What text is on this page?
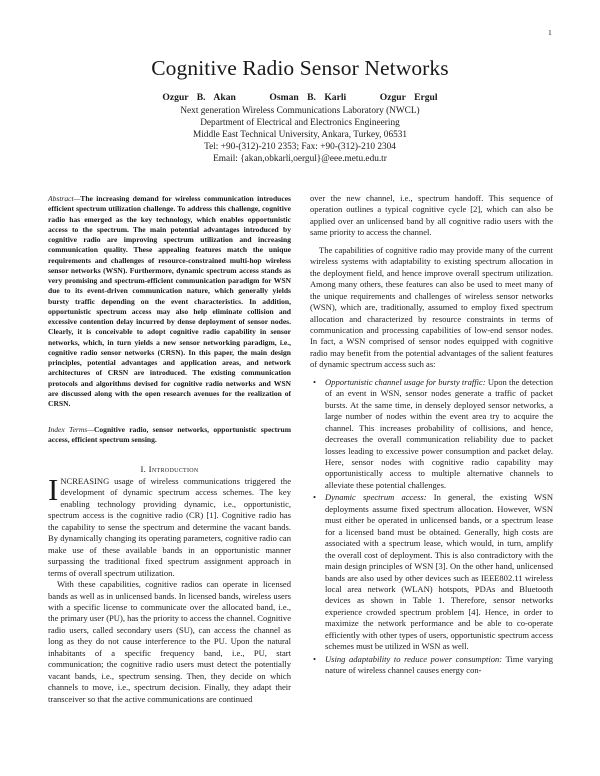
1
Cognitive Radio Sensor Networks
Ozgur B. Akan    Osman B. Karli    Ozgur Ergul
Next generation Wireless Communications Laboratory (NWCL)
Department of Electrical and Electronics Engineering
Middle East Technical University, Ankara, Turkey, 06531
Tel: +90-(312)-210 2353; Fax: +90-(312)-210 2304
Email: {akan,obkarli,oergul}@eee.metu.edu.tr
Abstract—The increasing demand for wireless communication introduces efficient spectrum utilization challenge. To address this challenge, cognitive radio has emerged as the key technology, which enables opportunistic access to the spectrum. The main potential advantages introduced by cognitive radio are improving spectrum utilization and increasing communication quality. These appealing features match the unique requirements and challenges of resource-constrained multi-hop wireless sensor networks (WSN). Furthermore, dynamic spectrum access stands as very promising and spectrum-efficient communication paradigm for WSN due to its event-driven communication nature, which generally yields bursty traffic depending on the event characteristics. In addition, opportunistic spectrum access may also help eliminate collision and excessive contention delay incurred by dense deployment of sensor nodes. Clearly, it is conceivable to adopt cognitive radio capability in sensor networks, which, in turn yields a new sensor networking paradigm, i.e., cognitive radio sensor networks (CRSN). In this paper, the main design principles, potential advantages and application areas, and network architectures of CRSN are introduced. The existing communication protocols and algorithms devised for cognitive radio networks and WSN are discussed along with the open research avenues for the realization of CRSN.
Index Terms—Cognitive radio, sensor networks, opportunistic spectrum access, efficient spectrum sensing.
I. Introduction

INCREASING usage of wireless communications triggered the development of dynamic spectrum access schemes. The key enabling technology providing dynamic, i.e., opportunistic, spectrum access is the cognitive radio (CR) [1]. Cognitive radio has the capability to sense the spectrum and determine the vacant bands. By dynamically changing its operating parameters, cognitive radio can make use of these available bands in an opportunistic manner surpassing the traditional fixed spectrum assignment approach in terms of overall spectrum utilization.

With these capabilities, cognitive radios can operate in licensed bands as well as in unlicensed bands. In licensed bands, wireless users with a specific license to communicate over the allocated band, i.e., the primary user (PU), has the priority to access the channel. Cognitive radio users, called secondary users (SU), can access the channel as long as they do not cause interference to the PU. Upon the natural inhabitants of a specific frequency band, i.e., PU, start communication; the cognitive radio users must detect the potentially vacant bands, i.e., spectrum sensing. Then, they decide on which channels to move, i.e., spectrum decision. Finally, they adapt their transceiver so that the active communications are continued

over the new channel, i.e., spectrum handoff. This sequence of operation outlines a typical cognitive cycle [2], which can also be applied over an unlicensed band by all cognitive radio users with the same priority to access the channel.

The capabilities of cognitive radio may provide many of the current wireless systems with adaptability to existing spectrum allocation in the deployment field, and hence improve overall spectrum utilization. Among many others, these features can also be used to meet many of the unique requirements and challenges of wireless sensor networks (WSN), which are, traditionally, assumed to employ fixed spectrum allocation and characterized by resource constraints in terms of communication and processing capabilities of low-end sensor nodes. In fact, a WSN comprised of sensor nodes equipped with cognitive radio may benefit from the potential advantages of the salient features of dynamic spectrum access such as:

• Opportunistic channel usage for bursty traffic: Upon the detection of an event in WSN, sensor nodes generate a traffic of packet bursts. At the same time, in densely deployed sensor networks, a large number of nodes within the event area try to acquire the channel. This increases probability of collisions, and hence, decreases the overall communication reliability due to packet losses leading to excessive power consumption and packet delay. Here, sensor nodes with cognitive radio capability may opportunistically access to multiple alternative channels to alleviate these potential challenges.
• Dynamic spectrum access: In general, the existing WSN deployments assume fixed spectrum allocation. However, WSN must either be operated in unlicensed bands, or a spectrum lease for a licensed band must be obtained. Generally, high costs are associated with a spectrum lease, which would, in turn, amplify the overall cost of deployment. This is also contradictory with the main design principles of WSN [3]. On the other hand, unlicensed bands are also used by other devices such as IEEE802.11 wireless local area network (WLAN) hotspots, PDAs and Bluetooth devices as shown in Table 1. Therefore, sensor networks experience crowded spectrum problem [4]. Hence, in order to maximize the network performance and be able to co-operate efficiently with other types of users, opportunistic spectrum access schemes must be utilized in WSN as well.
• Using adaptability to reduce power consumption: Time varying nature of wireless channel causes energy con-
